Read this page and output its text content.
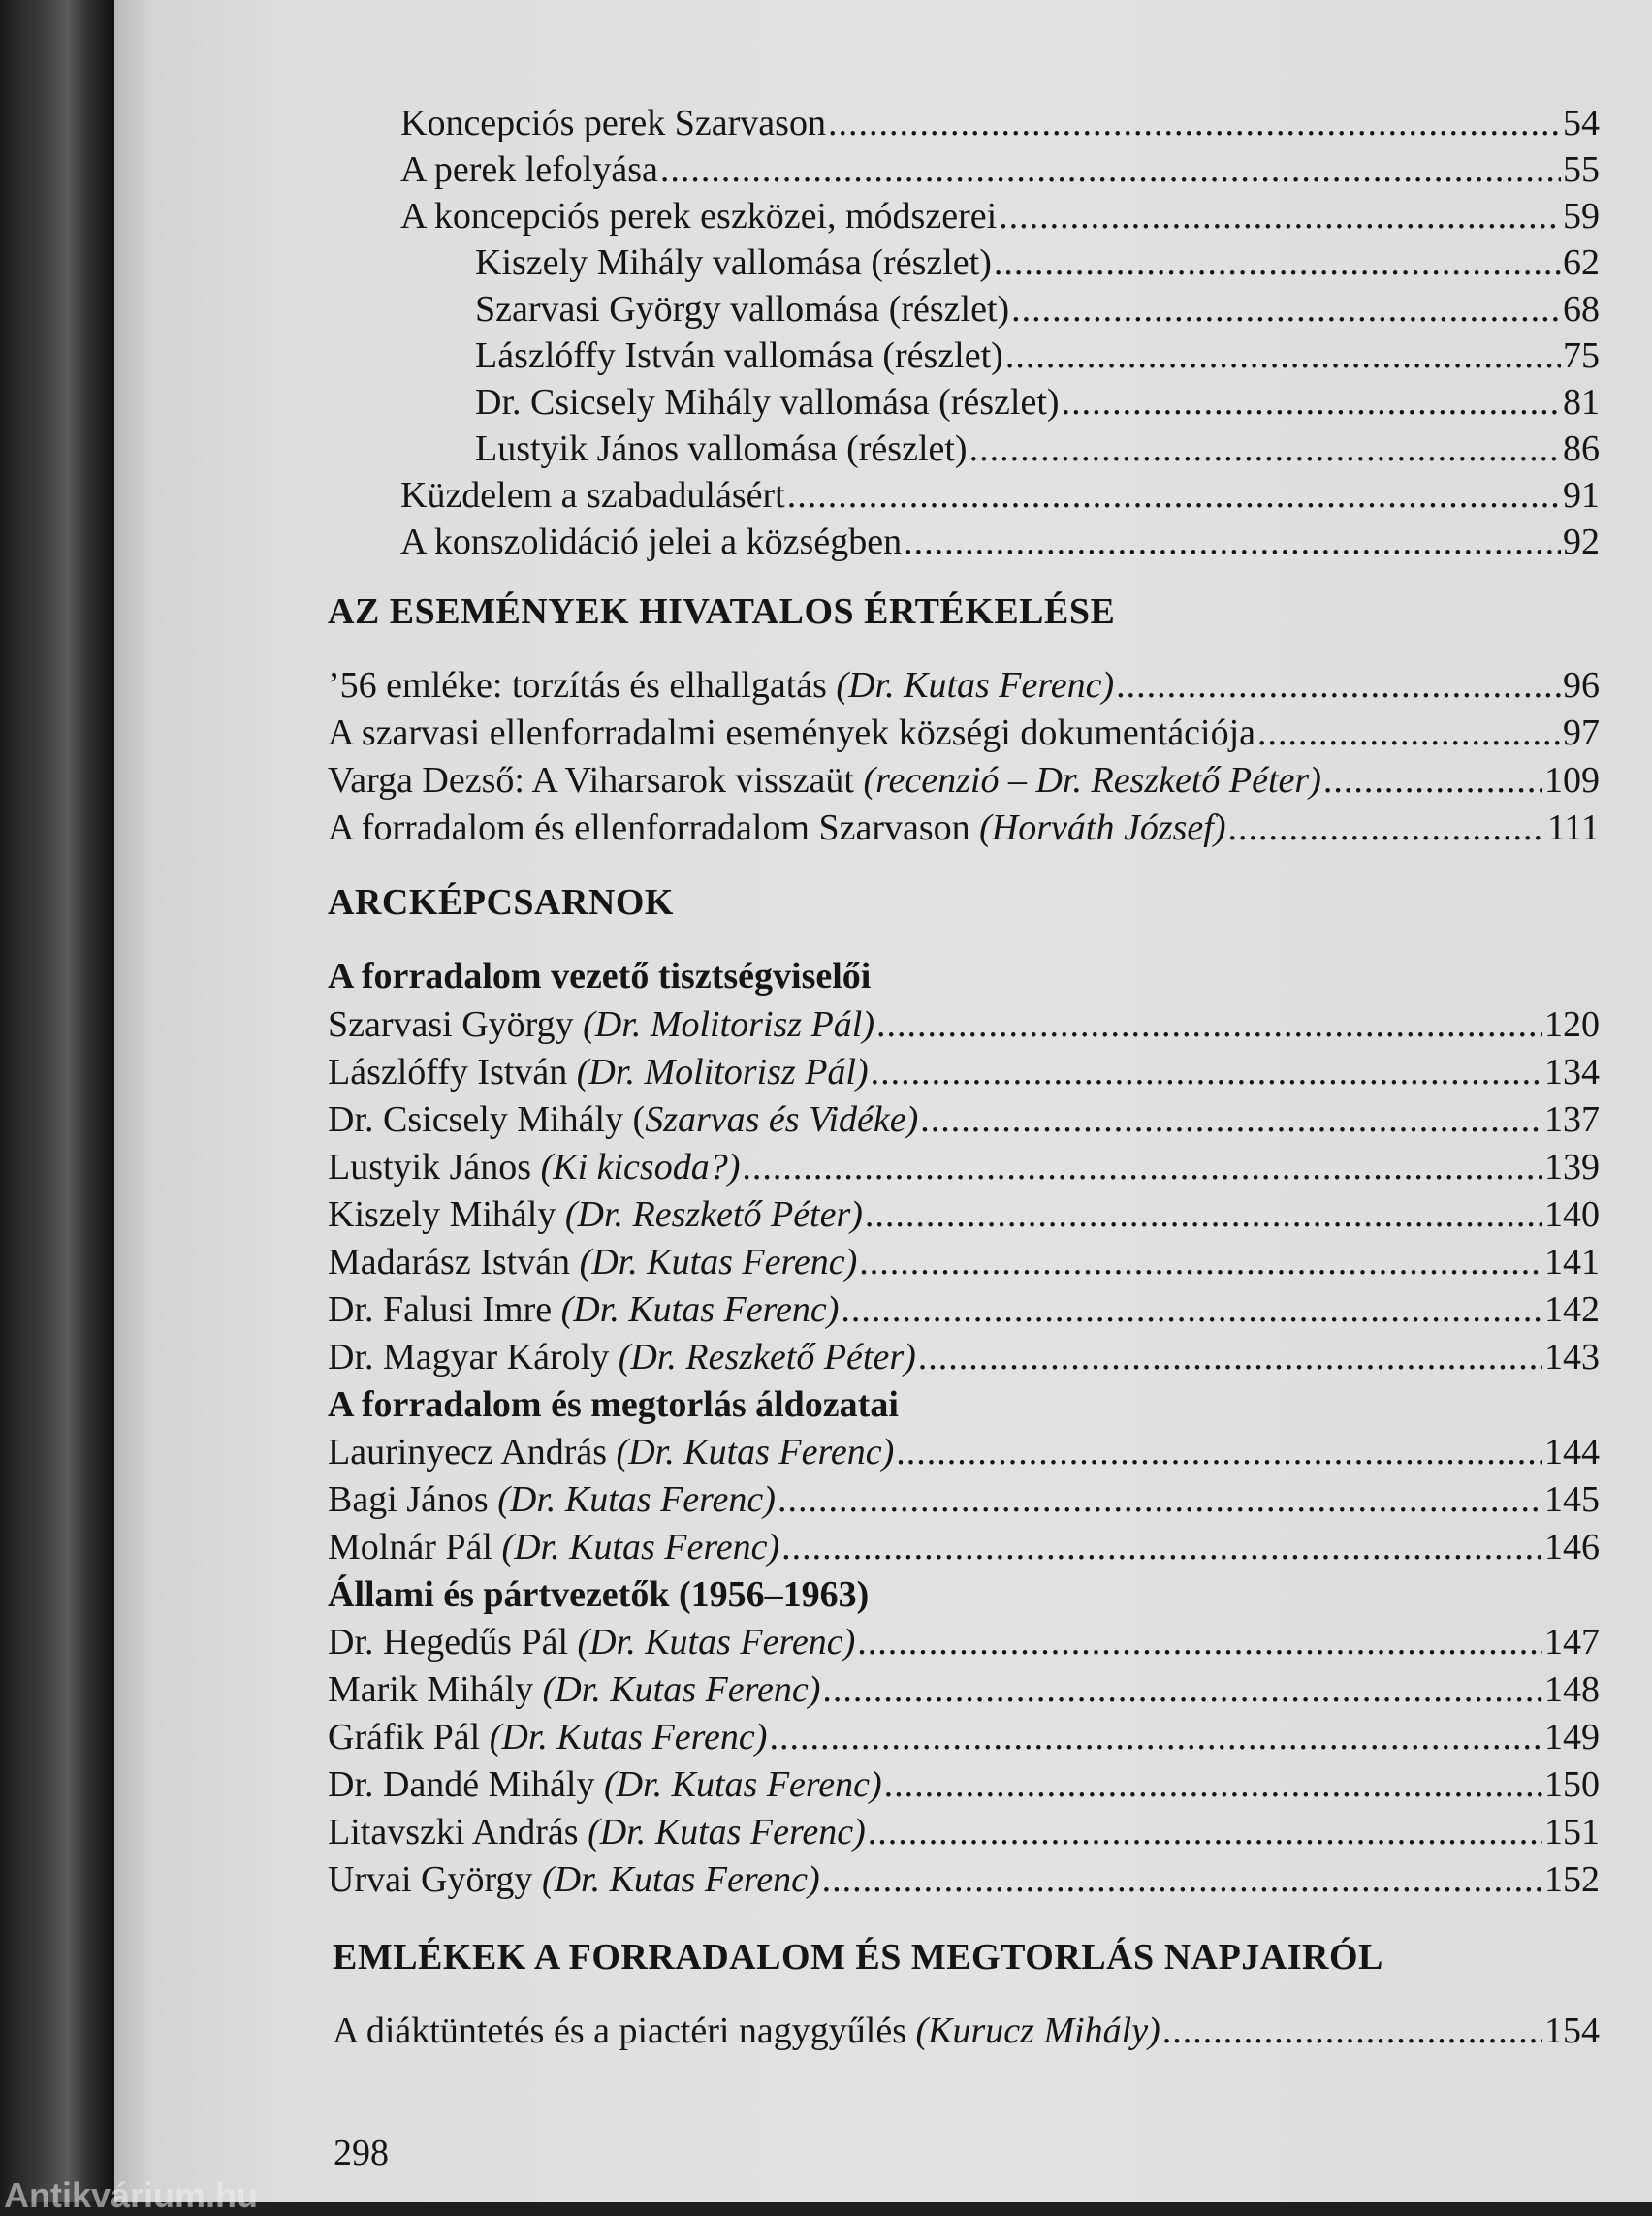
Koncepciós perek Szarvason .....	54
A perek lefolyása .....	55
A koncepciós perek eszközei, módszerei .....	59
Kiszely Mihály vallomása (részlet) .....	62
Szarvasi György vallomása (részlet) .....	68
Lászlóffy István vallomása (részlet) .....	75
Dr. Csicsely Mihály vallomása (részlet) .....	81
Lustyik János vallomása (részlet) .....	86
Küzdelem a szabadulásért .....	91
A konszolidáció jelei a községben .....	92
AZ ESEMÉNYEK HIVATALOS ÉRTÉKELÉSE
’56 emléke: torzítás és elhallgatás (Dr. Kutas Ferenc) .....	96
A szarvasi ellenforradalmi események községi dokumentációja .....	97
Varga Dezső: A Viharsarok visszaüt (recenzió – Dr. Reszkető Péter) .....	109
A forradalom és ellenforradalom Szarvason (Horváth József) .....	111
ARCKÉPCSARNOK
A forradalom vezető tisztségviselői
Szarvasi György (Dr. Molitorisz Pál) .....	120
Lászlóffy István (Dr. Molitorisz Pál) .....	134
Dr. Csicsely Mihály (Szarvas és Vidéke) .....	137
Lustyik János (Ki kicsoda?) .....	139
Kiszely Mihály (Dr. Reszkető Péter) .....	140
Madarász István (Dr. Kutas Ferenc) .....	141
Dr. Falusi Imre (Dr. Kutas Ferenc) .....	142
Dr. Magyar Károly (Dr. Reszkető Péter) .....	143
A forradalom és megtorlás áldozatai
Laurinyecz András (Dr. Kutas Ferenc) .....	144
Bagi János (Dr. Kutas Ferenc) .....	145
Molnár Pál (Dr. Kutas Ferenc) .....	146
Állami és pártvezetők (1956–1963)
Dr. Hegedűs Pál (Dr. Kutas Ferenc) .....	147
Marik Mihály (Dr. Kutas Ferenc) .....	148
Gráfik Pál (Dr. Kutas Ferenc) .....	149
Dr. Dandé Mihály (Dr. Kutas Ferenc) .....	150
Litavszki András (Dr. Kutas Ferenc) .....	151
Urvai György (Dr. Kutas Ferenc) .....	152
EMLÉKEK A FORRADALOM ÉS MEGTORLÁS NAPJAIRÓL
A diáktüntetés és a piactéri nagygyűlés (Kurucz Mihály) .....	154
298
Antikvárium.hu
